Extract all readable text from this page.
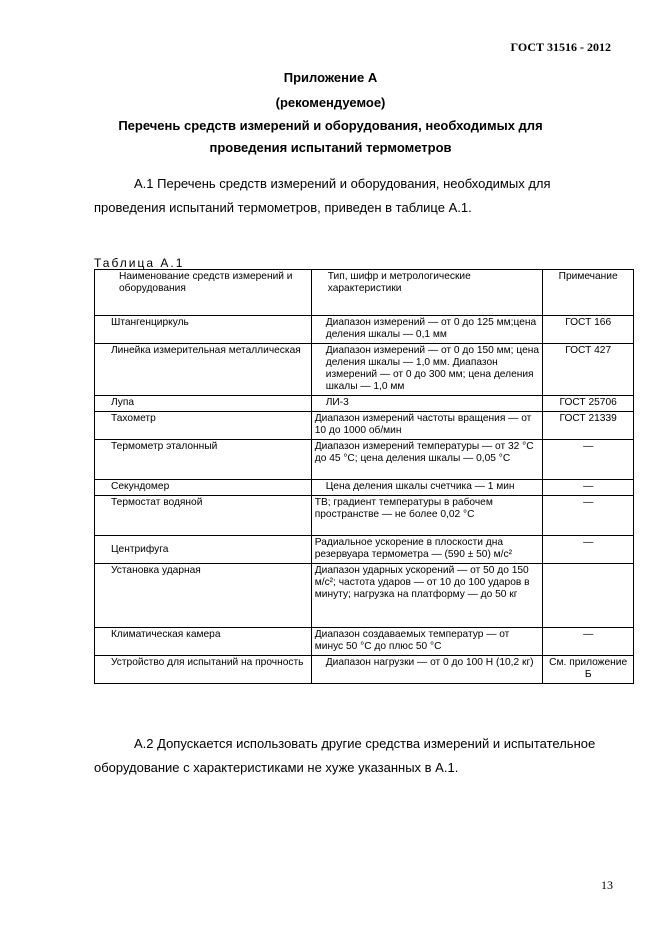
ГОСТ 31516 - 2012
Приложение А
(рекомендуемое)
Перечень средств измерений и оборудования, необходимых для
проведения испытаний термометров
А.1 Перечень средств измерений и оборудования, необходимых для
проведения испытаний термометров, приведен в таблице А.1.
Таблица А.1
Наименование средств измерений и оборудования	Тип, шифр и метрологические характеристики	Примечание
Штангенциркуль	Диапазон измерений — от 0 до 125 мм;цена деления шкалы — 0,1 мм	ГОСТ 166
Линейка измерительная металлическая	Диапазон измерений — от 0 до 150 мм; цена деления шкалы — 1,0 мм. Диапазон измерений — от 0 до 300 мм; цена деления шкалы — 1,0 мм	ГОСТ 427
Лупа	ЛИ-3	ГОСТ 25706
Тахометр	Диапазон измерений частоты вращения — от 10 до 1000 об/мин	ГОСТ 21339
Термометр эталонный	Диапазон измерений температуры — от 32 °С до 45 °С; цена деления шкалы — 0,05 °С	—
Секундомер	Цена деления шкалы счетчика — 1 мин	—
Термостат водяной	ТВ; градиент температуры в рабочем пространстве — не более 0,02 °С	—
Центрифуга	Радиальное ускорение в плоскости дна резервуара термометра — (590 ± 50) м/с²	—
Установка ударная	Диапазон ударных ускорений — от 50 до 150 м/с²; частота ударов — от 10 до 100 ударов в минуту; нагрузка на платформу — до 50 кг	
Климатическая камера	Диапазон создаваемых температур — от минус 50 °С до плюс 50 °С	—
Устройство для испытаний на прочность	Диапазон нагрузки — от 0 до 100 Н (10,2 кг)	См. приложение Б
А.2 Допускается использовать другие средства измерений и испытательное
оборудование с характеристиками не хуже указанных в А.1.
13
